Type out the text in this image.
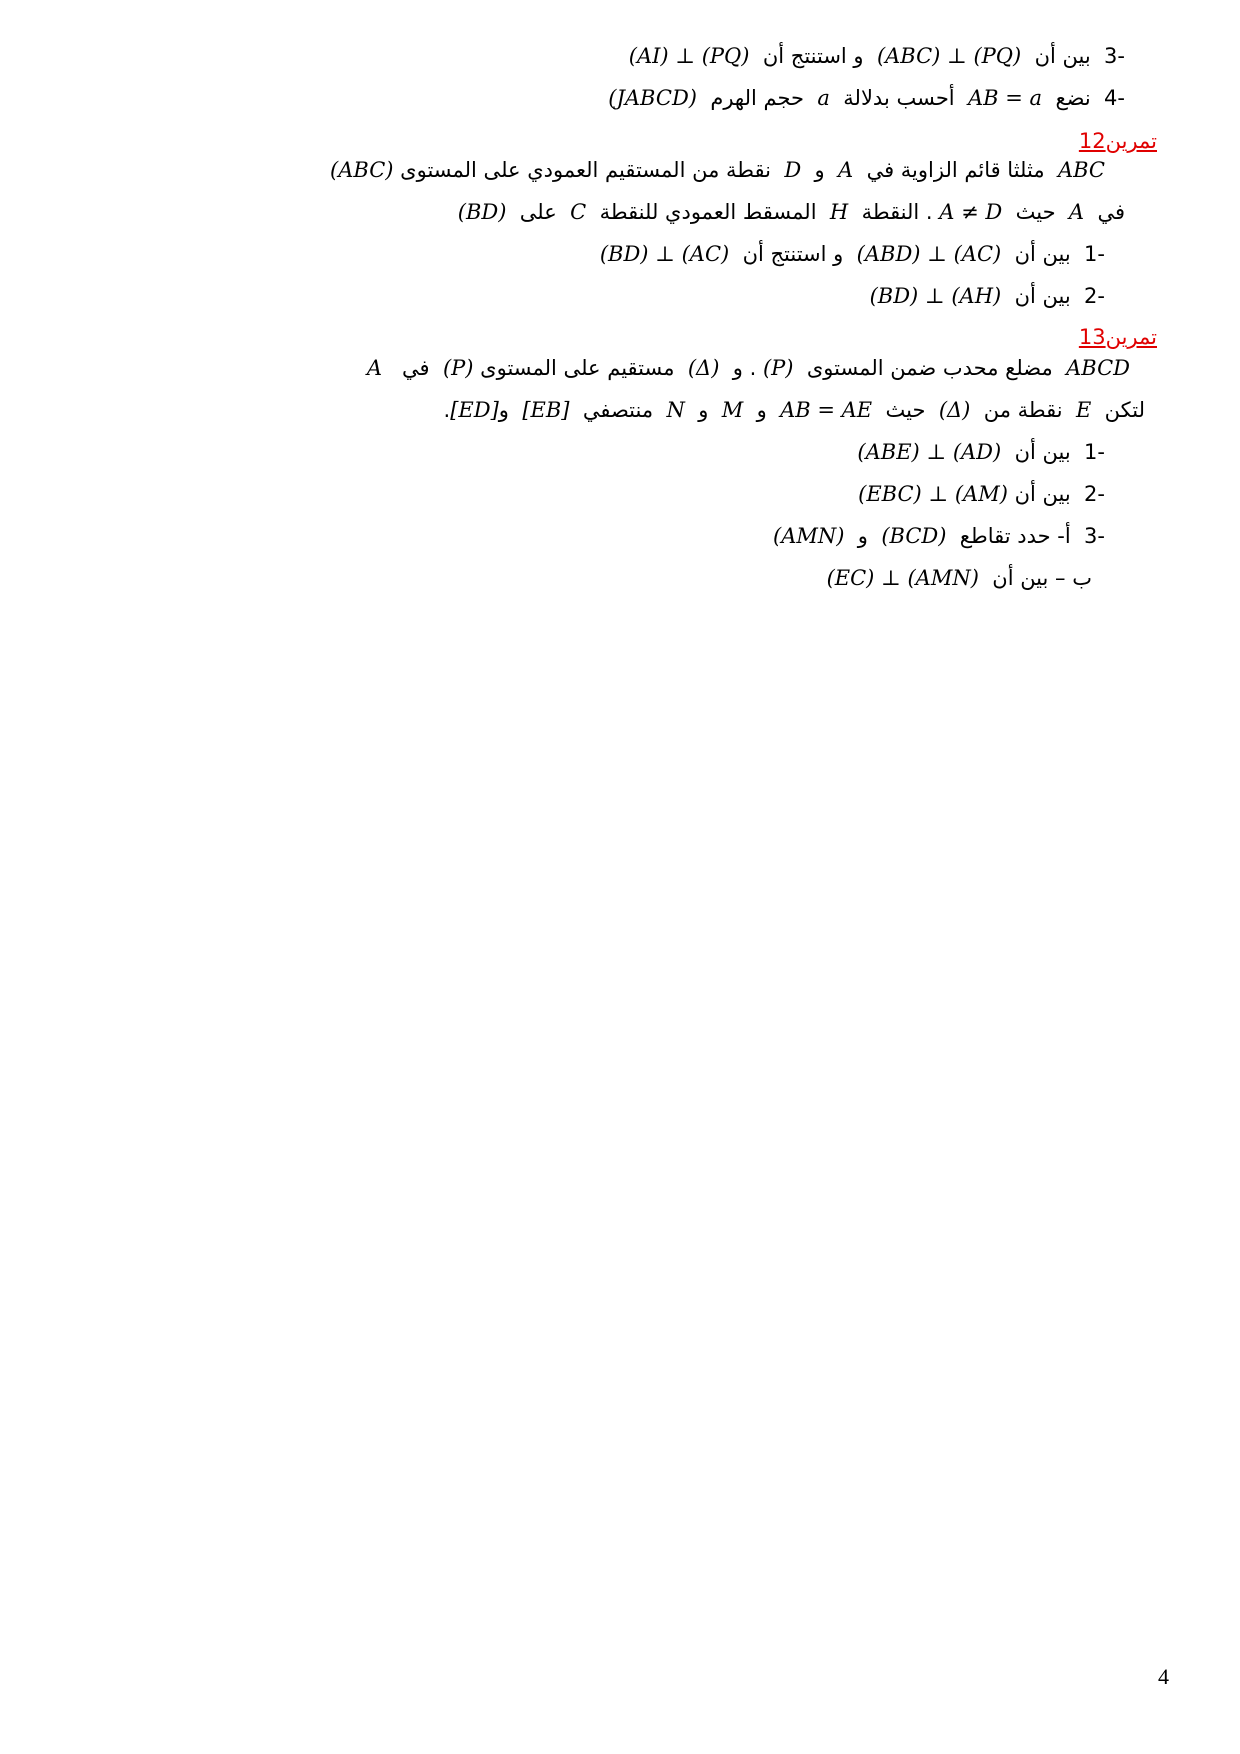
-3  بين أن  (ABC) ⊥ (PQ)  و استنتج أن  (AI) ⊥ (PQ)
-4  نضع  AB = a  أحسب بدلالة  a  حجم الهرم  (JABCD)
تمرين12
ABC  مثلثا قائم الزاوية في  A  و  D  نقطة من المستقيم العمودي على المستوى (ABC)
في  A  حيث  A ≠ D . النقطة  H  المسقط العمودي للنقطة  C  على  (BD)
-1  بين أن  (ABD) ⊥ (AC)  و استنتج أن  (BD) ⊥ (AC)
-2  بين أن  (BD) ⊥ (AH)
تمرين13
ABCD  مضلع محدب ضمن المستوى  (P) . و  (Δ)  مستقيم على المستوى (P)  في   A
لتكن  E  نقطة من  (Δ)  حيث  AB = AE  و  M  و  N  منتصفي  [EB]  و[ED].
-1  بين أن  (ABE) ⊥ (AD)
-2  بين أن (EBC) ⊥ (AM)
-3  أ- حدد تقاطع  (BCD)  و  (AMN)
ب – بين أن  (EC) ⊥ (AMN)
4
